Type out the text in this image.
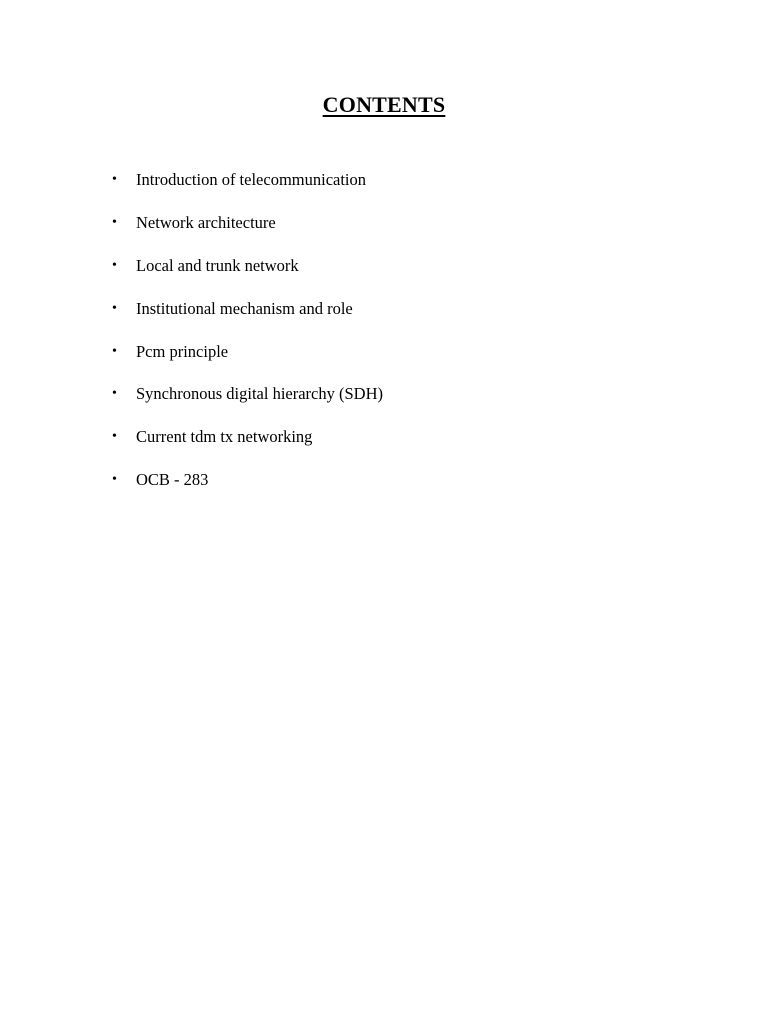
CONTENTS
•	Introduction of telecommunication
•	Network architecture
•	Local and trunk network
•	Institutional mechanism and role
•	Pcm principle
•	Synchronous digital hierarchy (SDH)
•	Current tdm tx networking
•	OCB - 283
